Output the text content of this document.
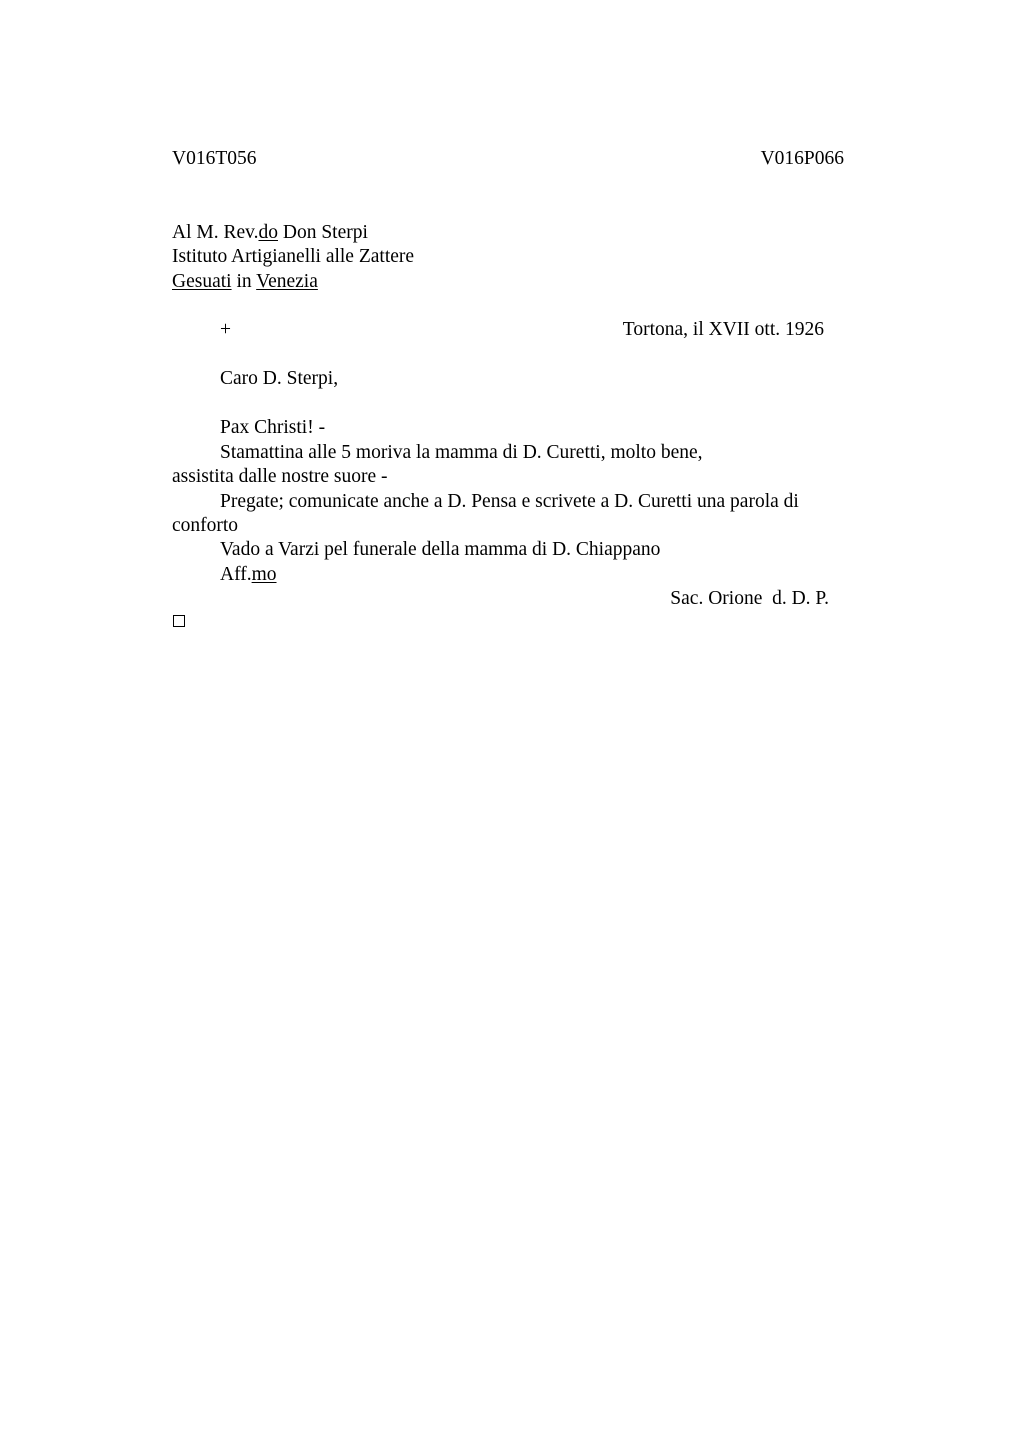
V016T056	V016P066
Al M. Rev.do Don Sterpi
Istituto Artigianelli alle Zattere
Gesuati in Venezia
+	Tortona, il XVII ott. 1926
Caro D. Sterpi,
Pax Christi! -
Stamattina alle 5 moriva la mamma di D. Curetti, molto bene,
assistita dalle nostre suore -
Pregate; comunicate anche a D. Pensa e scrivete a D. Curetti una parola di
conforto
Vado a Varzi pel funerale della mamma di D. Chiappano
Aff.mo
Sac. Orione  d. D. P.
